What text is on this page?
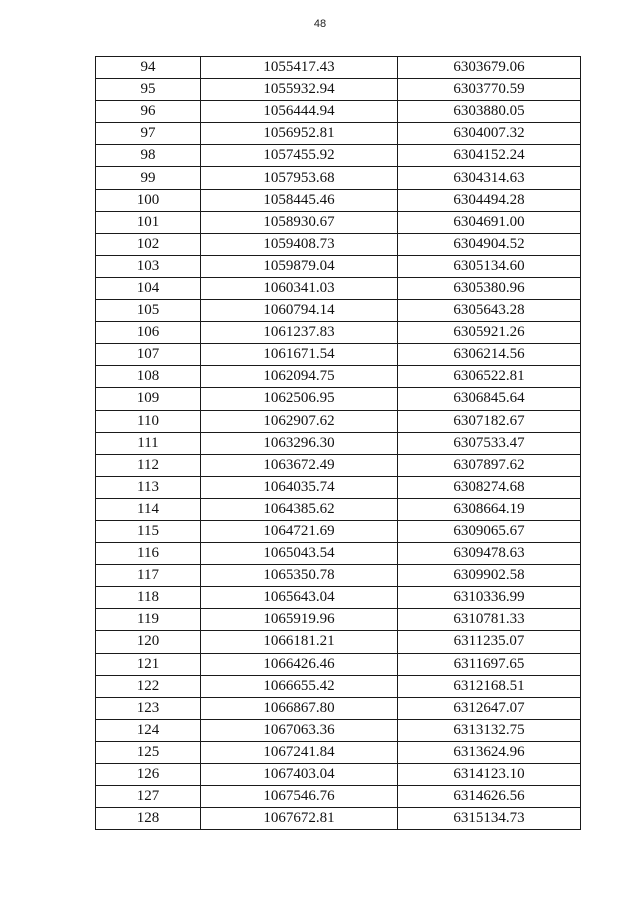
48
94	1055417.43	6303679.06
95	1055932.94	6303770.59
96	1056444.94	6303880.05
97	1056952.81	6304007.32
98	1057455.92	6304152.24
99	1057953.68	6304314.63
100	1058445.46	6304494.28
101	1058930.67	6304691.00
102	1059408.73	6304904.52
103	1059879.04	6305134.60
104	1060341.03	6305380.96
105	1060794.14	6305643.28
106	1061237.83	6305921.26
107	1061671.54	6306214.56
108	1062094.75	6306522.81
109	1062506.95	6306845.64
110	1062907.62	6307182.67
111	1063296.30	6307533.47
112	1063672.49	6307897.62
113	1064035.74	6308274.68
114	1064385.62	6308664.19
115	1064721.69	6309065.67
116	1065043.54	6309478.63
117	1065350.78	6309902.58
118	1065643.04	6310336.99
119	1065919.96	6310781.33
120	1066181.21	6311235.07
121	1066426.46	6311697.65
122	1066655.42	6312168.51
123	1066867.80	6312647.07
124	1067063.36	6313132.75
125	1067241.84	6313624.96
126	1067403.04	6314123.10
127	1067546.76	6314626.56
128	1067672.81	6315134.73
